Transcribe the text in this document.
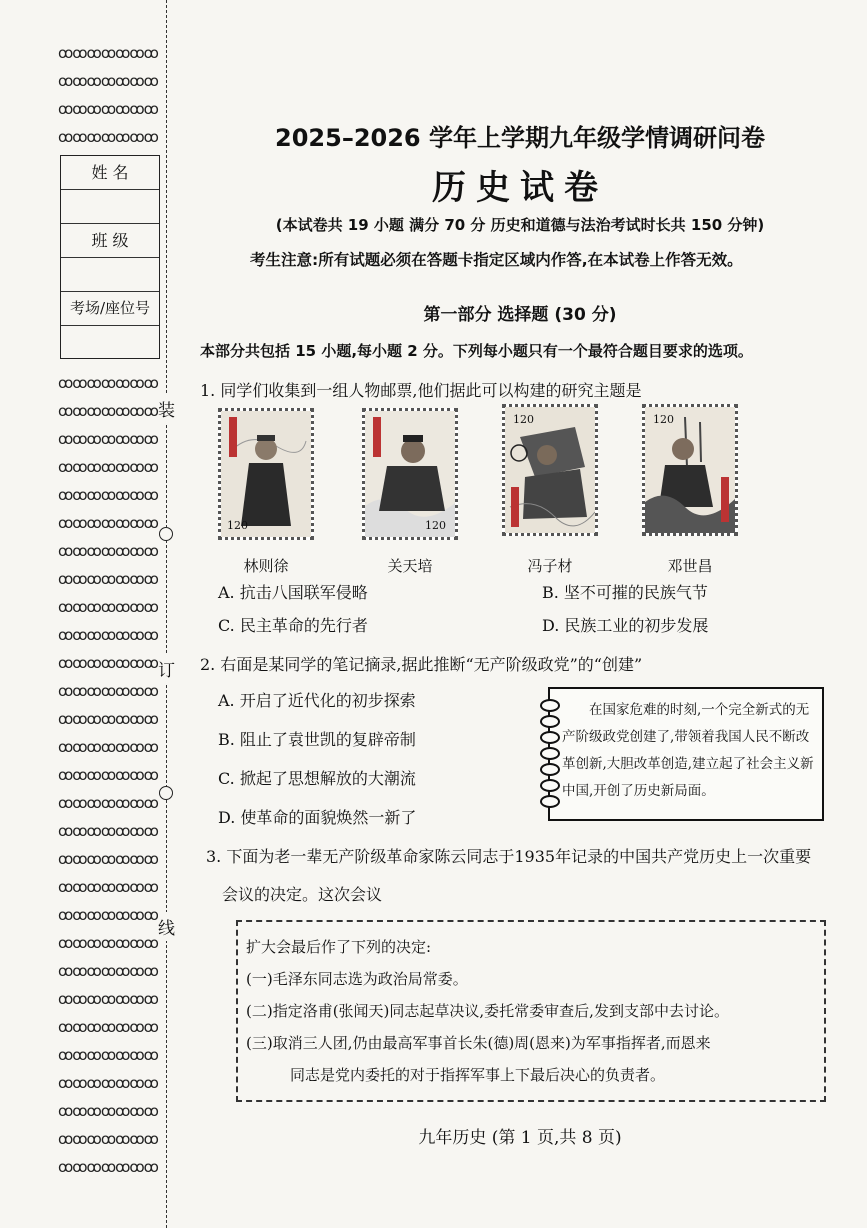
ꝏꝏꝏꝏꝏꝏꝏ
ꝏꝏꝏꝏꝏꝏꝏ
ꝏꝏꝏꝏꝏꝏꝏ
ꝏꝏꝏꝏꝏꝏꝏ
姓 名
班 级
考场/座位号
ꝏꝏꝏꝏꝏꝏꝏ
ꝏꝏꝏꝏꝏꝏꝏ
ꝏꝏꝏꝏꝏꝏꝏ
ꝏꝏꝏꝏꝏꝏꝏ
ꝏꝏꝏꝏꝏꝏꝏ
ꝏꝏꝏꝏꝏꝏꝏ
ꝏꝏꝏꝏꝏꝏꝏ
ꝏꝏꝏꝏꝏꝏꝏ
ꝏꝏꝏꝏꝏꝏꝏ
ꝏꝏꝏꝏꝏꝏꝏ
ꝏꝏꝏꝏꝏꝏꝏ
ꝏꝏꝏꝏꝏꝏꝏ
ꝏꝏꝏꝏꝏꝏꝏ
ꝏꝏꝏꝏꝏꝏꝏ
ꝏꝏꝏꝏꝏꝏꝏ
ꝏꝏꝏꝏꝏꝏꝏ
ꝏꝏꝏꝏꝏꝏꝏ
ꝏꝏꝏꝏꝏꝏꝏ
ꝏꝏꝏꝏꝏꝏꝏ
ꝏꝏꝏꝏꝏꝏꝏ
ꝏꝏꝏꝏꝏꝏꝏ
ꝏꝏꝏꝏꝏꝏꝏ
ꝏꝏꝏꝏꝏꝏꝏ
ꝏꝏꝏꝏꝏꝏꝏ
ꝏꝏꝏꝏꝏꝏꝏ
ꝏꝏꝏꝏꝏꝏꝏ
ꝏꝏꝏꝏꝏꝏꝏ
ꝏꝏꝏꝏꝏꝏꝏ
ꝏꝏꝏꝏꝏꝏꝏ
装
订
线
2025–2026 学年上学期九年级学情调研问卷
历史试卷
(本试卷共 19 小题 满分 70 分 历史和道德与法治考试时长共 150 分钟)
考生注意:所有试题必须在答题卡指定区域内作答,在本试卷上作答无效。
第一部分 选择题 (30 分)
本部分共包括 15 小题,每小题 2 分。下列每小题只有一个最符合题目要求的选项。
1. 同学们收集到一组人物邮票,他们据此可以构建的研究主题是
120	120
120	120
林则徐	关天培	冯子材	邓世昌
A. 抗击八国联军侵略	B. 坚不可摧的民族气节
C. 民主革命的先行者	D. 民族工业的初步发展
2. 右面是某同学的笔记摘录,据此推断“无产阶级政党”的“创建”
A. 开启了近代化的初步探索
B. 阻止了袁世凯的复辟帝制
C. 掀起了思想解放的大潮流
D. 使革命的面貌焕然一新了
在国家危难的时刻,一个完全新式的无产阶级政党创建了,带领着我国人民不断改革创新,大胆改革创造,建立起了社会主义新中国,开创了历史新局面。
3. 下面为老一辈无产阶级革命家陈云同志于1935年记录的中国共产党历史上一次重要
会议的决定。这次会议
扩大会最后作了下列的决定:
(一)毛泽东同志选为政治局常委。
(二)指定洛甫(张闻天)同志起草决议,委托常委审查后,发到支部中去讨论。
(三)取消三人团,仍由最高军事首长朱(德)周(恩来)为军事指挥者,而恩来
同志是党内委托的对于指挥军事上下最后决心的负责者。
九年历史 (第 1 页,共 8 页)
